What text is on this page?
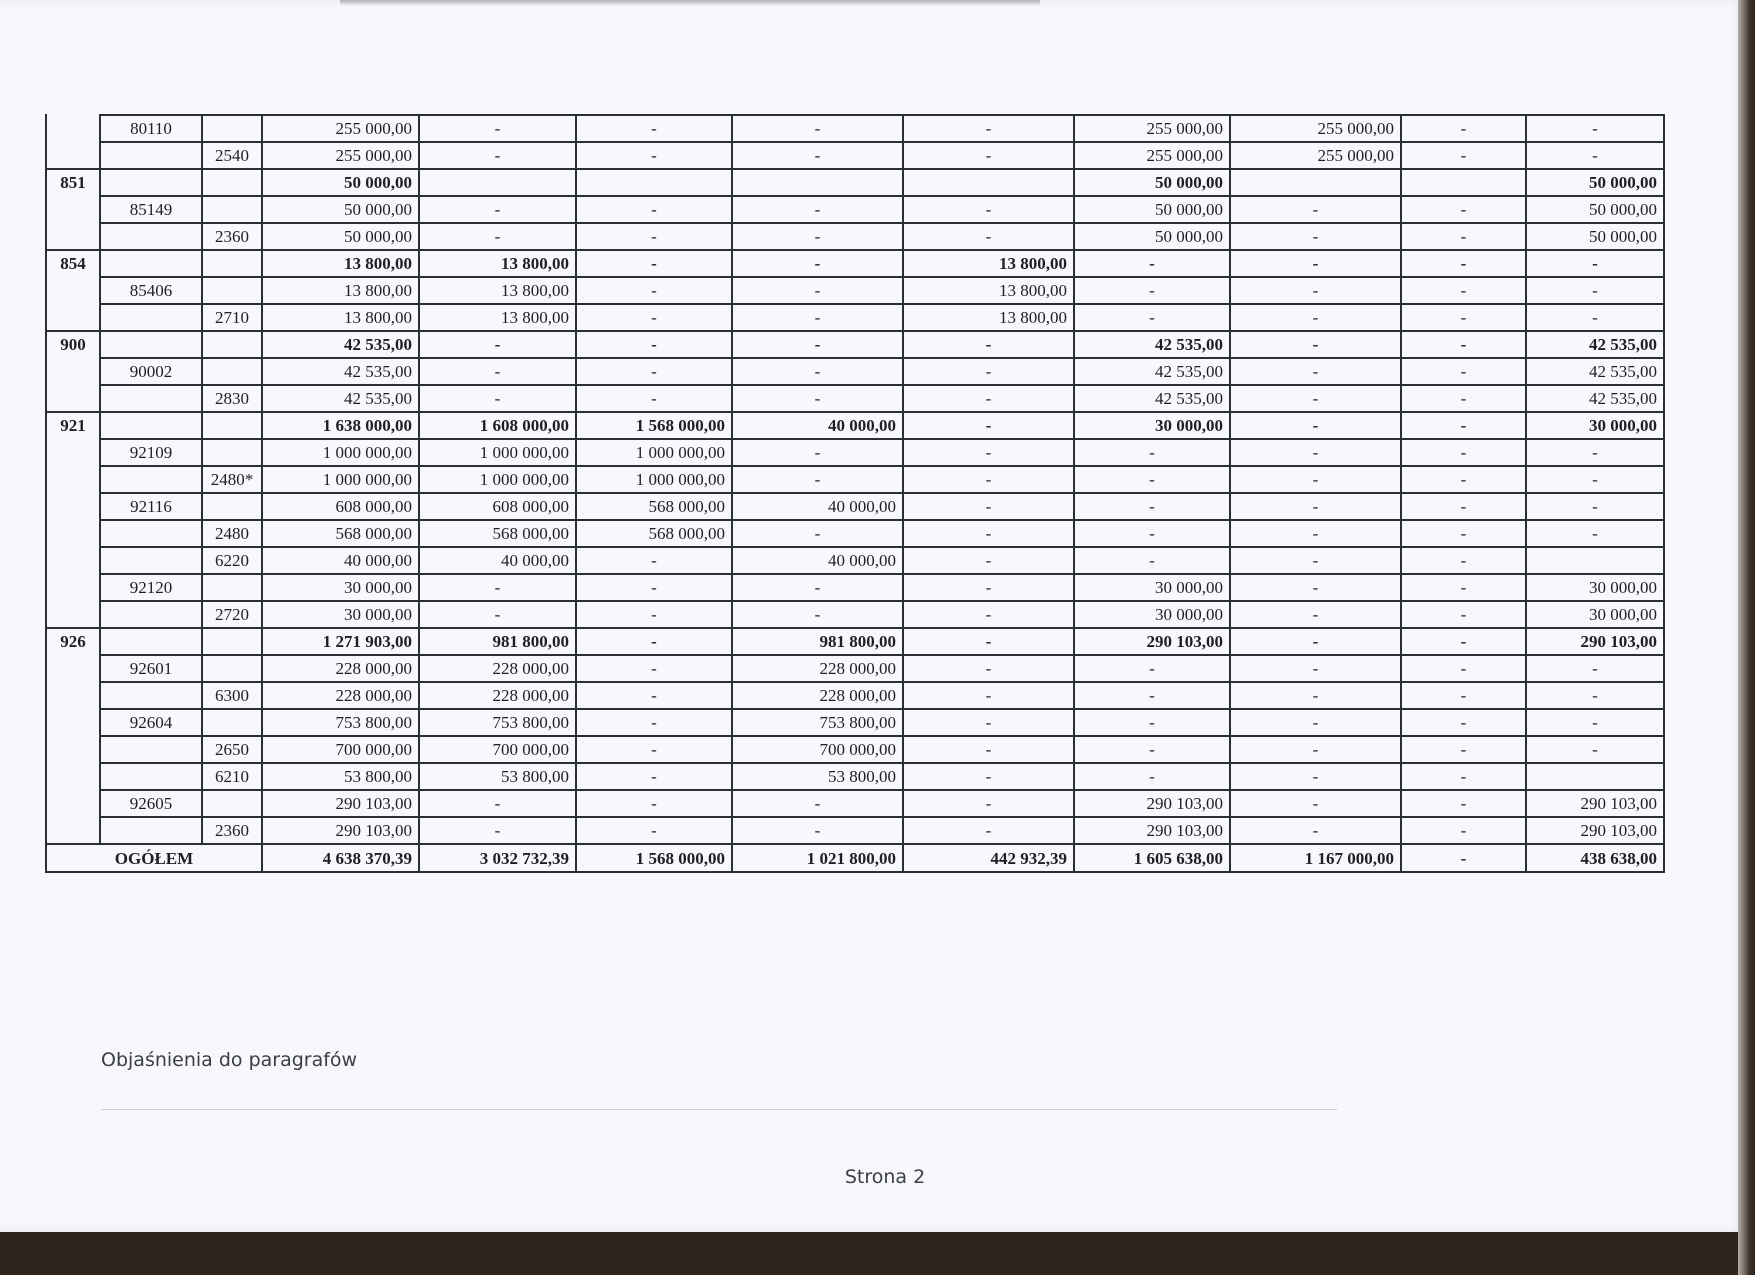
	80110		255 000,00	-	-	-	-	255 000,00	255 000,00	-	-
		2540	255 000,00	-	-	-	-	255 000,00	255 000,00	-	-
851			50 000,00					50 000,00			50 000,00
	85149		50 000,00	-	-	-	-	50 000,00	-	-	50 000,00
		2360	50 000,00	-	-	-	-	50 000,00	-	-	50 000,00
854			13 800,00	13 800,00	-	-	13 800,00	-	-	-	-
	85406		13 800,00	13 800,00	-	-	13 800,00	-	-	-	-
		2710	13 800,00	13 800,00	-	-	13 800,00	-	-	-	-
900			42 535,00	-	-	-	-	42 535,00	-	-	42 535,00
	90002		42 535,00	-	-	-	-	42 535,00	-	-	42 535,00
		2830	42 535,00	-	-	-	-	42 535,00	-	-	42 535,00
921			1 638 000,00	1 608 000,00	1 568 000,00	40 000,00	-	30 000,00	-	-	30 000,00
	92109		1 000 000,00	1 000 000,00	1 000 000,00	-	-	-	-	-	-
		2480*	1 000 000,00	1 000 000,00	1 000 000,00	-	-	-	-	-	-
	92116		608 000,00	608 000,00	568 000,00	40 000,00	-	-	-	-	-
		2480	568 000,00	568 000,00	568 000,00	-	-	-	-	-	-
		6220	40 000,00	40 000,00	-	40 000,00	-	-	-	-	
	92120		30 000,00	-	-	-	-	30 000,00	-	-	30 000,00
		2720	30 000,00	-	-	-	-	30 000,00	-	-	30 000,00
926			1 271 903,00	981 800,00	-	981 800,00	-	290 103,00	-	-	290 103,00
	92601		228 000,00	228 000,00	-	228 000,00	-	-	-	-	-
		6300	228 000,00	228 000,00	-	228 000,00	-	-	-	-	-
	92604		753 800,00	753 800,00	-	753 800,00	-	-	-	-	-
		2650	700 000,00	700 000,00	-	700 000,00	-	-	-	-	-
		6210	53 800,00	53 800,00	-	53 800,00	-	-	-	-	
	92605		290 103,00	-	-	-	-	290 103,00	-	-	290 103,00
		2360	290 103,00	-	-	-	-	290 103,00	-	-	290 103,00
OGÓŁEM			4 638 370,39	3 032 732,39	1 568 000,00	1 021 800,00	442 932,39	1 605 638,00	1 167 000,00	-	438 638,00
Objaśnienia do paragrafów
Strona 2
